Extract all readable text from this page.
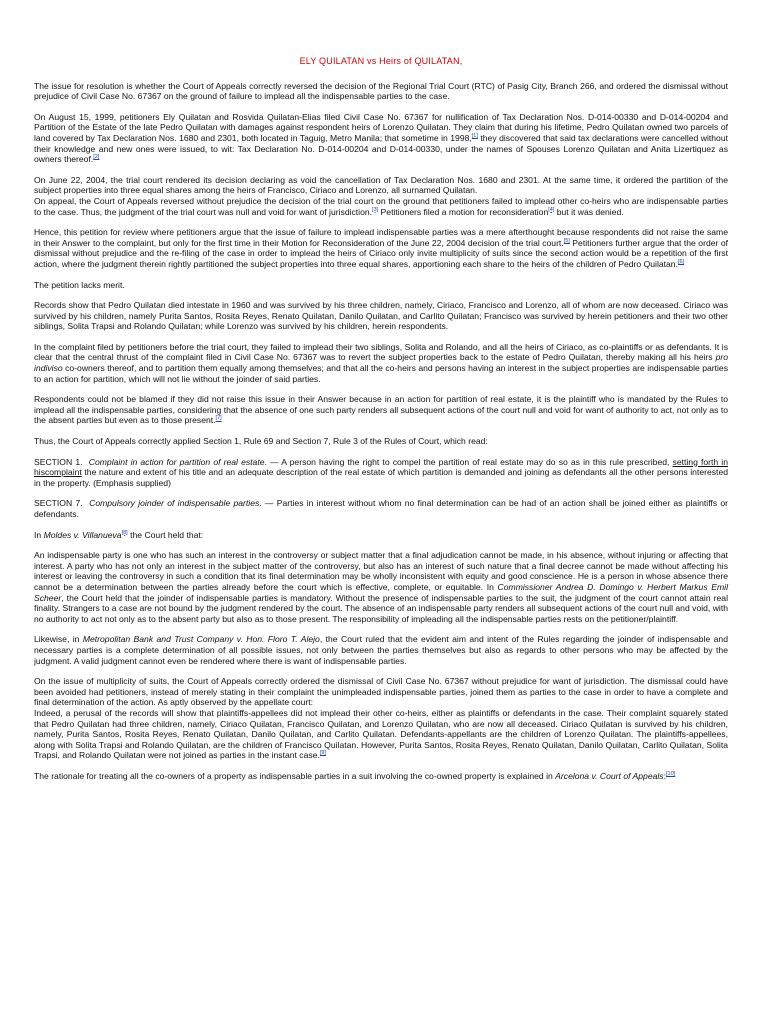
ELY QUILATAN vs Heirs of QUILATAN,

The issue for resolution is whether the Court of Appeals correctly reversed the decision of the Regional Trial Court (RTC) of Pasig City, Branch 266, and ordered the dismissal without prejudice of Civil Case No. 67367 on the ground of failure to implead all the indispensable parties to the case.

On August 15, 1999, petitioners Ely Quilatan and Rosvida Quilatan-Elias filed Civil Case No. 67367 for nullification of Tax Declaration Nos. D-014-00330 and D-014-00204 and Partition of the Estate of the late Pedro Quilatan with damages against respondent heirs of Lorenzo Quilatan. They claim that during his lifetime, Pedro Quilatan owned two parcels of land covered by Tax Declaration Nos. 1680 and 2301, both located in Taguig, Metro Manila; that sometime in 1998,[1] they discovered that said tax declarations were cancelled without their knowledge and new ones were issued, to wit: Tax Declaration No. D-014-00204 and D-014-00330, under the names of Spouses Lorenzo Quilatan and Anita Lizertiquez as owners thereof.[2]

On June 22, 2004, the trial court rendered its decision declaring as void the cancellation of Tax Declaration Nos. 1680 and 2301. At the same time, it ordered the partition of the subject properties into three equal shares among the heirs of Francisco, Ciriaco and Lorenzo, all surnamed Quilatan.

On appeal, the Court of Appeals reversed without prejudice the decision of the trial court on the ground that petitioners failed to implead other co-heirs who are indispensable parties to the case. Thus, the judgment of the trial court was null and void for want of jurisdiction.[3] Petitioners filed a motion for reconsideration[4] but it was denied.

Hence, this petition for review where petitioners argue that the issue of failure to implead indispensable parties was a mere afterthought because respondents did not raise the same in their Answer to the complaint, but only for the first time in their Motion for Reconsideration of the June 22, 2004 decision of the trial court.[5] Petitioners further argue that the order of dismissal without prejudice and the re-filing of the case in order to implead the heirs of Ciriaco only invite multiplicity of suits since the second action would be a repetition of the first action, where the judgment therein rightly partitioned the subject properties into three equal shares, apportioning each share to the heirs of the children of Pedro Quilatan.[6]

The petition lacks merit.

Records show that Pedro Quilatan died intestate in 1960 and was survived by his three children, namely, Ciriaco, Francisco and Lorenzo, all of whom are now deceased. Ciriaco was survived by his children, namely Purita Santos, Rosita Reyes, Renato Quilatan, Danilo Quilatan, and Carlito Quilatan; Francisco was survived by herein petitioners and their two other siblings, Solita Trapsi and Rolando Quilatan; while Lorenzo was survived by his children, herein respondents.

In the complaint filed by petitioners before the trial court, they failed to implead their two siblings, Solita and Rolando, and all the heirs of Ciriaco, as co-plaintiffs or as defendants. It is clear that the central thrust of the complaint filed in Civil Case No. 67367 was to revert the subject properties back to the estate of Pedro Quilatan, thereby making all his heirs pro indiviso co-owners thereof, and to partition them equally among themselves; and that all the co-heirs and persons having an interest in the subject properties are indispensable parties to an action for partition, which will not lie without the joinder of said parties.

Respondents could not be blamed if they did not raise this issue in their Answer because in an action for partition of real estate, it is the plaintiff who is mandated by the Rules to implead all the indispensable parties, considering that the absence of one such party renders all subsequent actions of the court null and void for want of authority to act, not only as to the absent parties but even as to those present.[7]

Thus, the Court of Appeals correctly applied Section 1, Rule 69 and Section 7, Rule 3 of the Rules of Court, which read:

SECTION 1. Complaint in action for partition of real estate. — A person having the right to compel the partition of real estate may do so as in this rule prescribed, setting forth in hiscomplaint the nature and extent of his title and an adequate description of the real estate of which partition is demanded and joining as defendants all the other persons interested in the property. (Emphasis supplied)

SECTION 7. Compulsory joinder of indispensable parties. — Parties in interest without whom no final determination can be had of an action shall be joined either as plaintiffs or defendants.

In Moldes v. Villanueva[8] the Court held that:

An indispensable party is one who has such an interest in the controversy or subject matter that a final adjudication cannot be made, in his absence, without injuring or affecting that interest. A party who has not only an interest in the subject matter of the controversy, but also has an interest of such nature that a final decree cannot be made without affecting his interest or leaving the controversy in such a condition that its final determination may be wholly inconsistent with equity and good conscience. He is a person in whose absence there cannot be a determination between the parties already before the court which is effective, complete, or equitable. In Commissioner Andrea D. Domingo v. Herbert Markus Emil Scheer, the Court held that the joinder of indispensable parties is mandatory. Without the presence of indispensable parties to the suit, the judgment of the court cannot attain real finality. Strangers to a case are not bound by the judgment rendered by the court. The absence of an indispensable party renders all subsequent actions of the court null and void, with no authority to act not only as to the absent party but also as to those present. The responsibility of impleading all the indispensable parties rests on the petitioner/plaintiff.

Likewise, in Metropolitan Bank and Trust Company v. Hon. Floro T. Alejo, the Court ruled that the evident aim and intent of the Rules regarding the joinder of indispensable and necessary parties is a complete determination of all possible issues, not only between the parties themselves but also as regards to other persons who may be affected by the judgment. A valid judgment cannot even be rendered where there is want of indispensable parties.

On the issue of multiplicity of suits, the Court of Appeals correctly ordered the dismissal of Civil Case No. 67367 without prejudice for want of jurisdiction. The dismissal could have been avoided had petitioners, instead of merely stating in their complaint the unimpleaded indispensable parties, joined them as parties to the case in order to have a complete and final determination of the action. As aptly observed by the appellate court:

Indeed, a perusal of the records will show that plaintiffs-appellees did not implead their other co-heirs, either as plaintiffs or defendants in the case. Their complaint squarely stated that Pedro Quilatan had three children, namely, Ciriaco Quilatan, Francisco Quilatan, and Lorenzo Quilatan, who are now all deceased. Ciriaco Quilatan is survived by his children, namely, Purita Santos, Rosita Reyes, Renato Quilatan, Danilo Quilatan, and Carlito Quilatan. Defendants-appellants are the children of Lorenzo Quilatan. The plaintiffs-appellees, along with Solita Trapsi and Rolando Quilatan, are the children of Francisco Quilatan. However, Purita Santos, Rosita Reyes, Renato Quilatan, Danilo Quilatan, Carlito Quilatan, Solita Trapsi, and Rolando Quilatan were not joined as parties in the instant case.[9]

The rationale for treating all the co-owners of a property as indispensable parties in a suit involving the co-owned property is explained in Arcelona v. Court of Appeals:[10]
